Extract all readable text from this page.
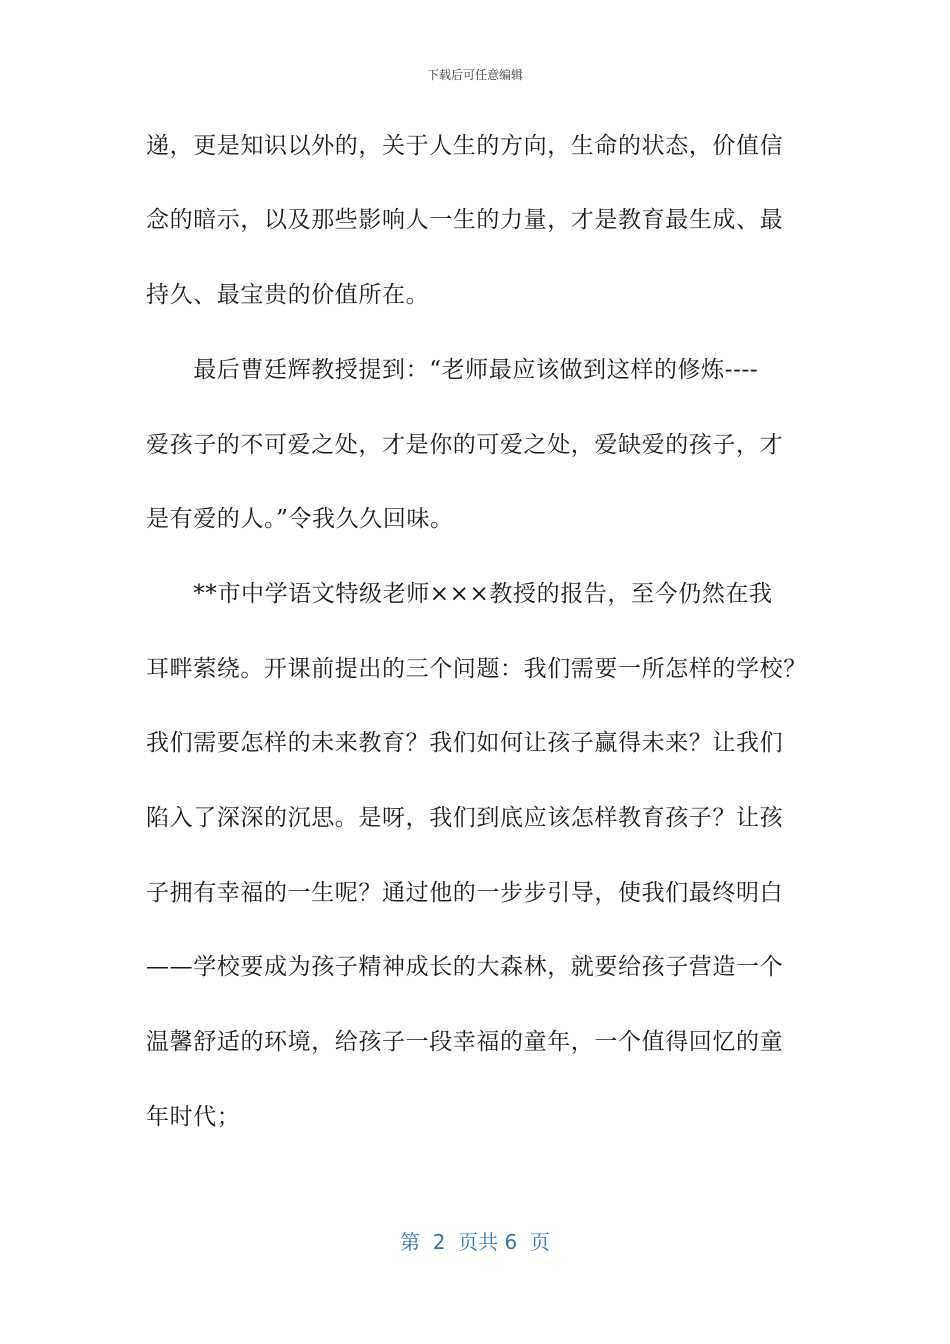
下载后可任意编辑
递，更是知识以外的，关于人生的方向，生命的状态，价值信
念的暗示，以及那些影响人一生的力量，才是教育最生成、最
持久、最宝贵的价值所在。
　　最后曹廷辉教授提到：“老师最应该做到这样的修炼----
爱孩子的不可爱之处，才是你的可爱之处，爱缺爱的孩子，才
是有爱的人。”令我久久回味。
　　**市中学语文特级老师×××教授的报告，至今仍然在我
耳畔萦绕。开课前提出的三个问题：我们需要一所怎样的学校？
我们需要怎样的未来教育？我们如何让孩子赢得未来？让我们
陷入了深深的沉思。是呀，我们到底应该怎样教育孩子？让孩
子拥有幸福的一生呢？通过他的一步步引导，使我们最终明白
——学校要成为孩子精神成长的大森林，就要给孩子营造一个
温馨舒适的环境，给孩子一段幸福的童年，一个值得回忆的童
年时代；
第  2  页共 6  页
